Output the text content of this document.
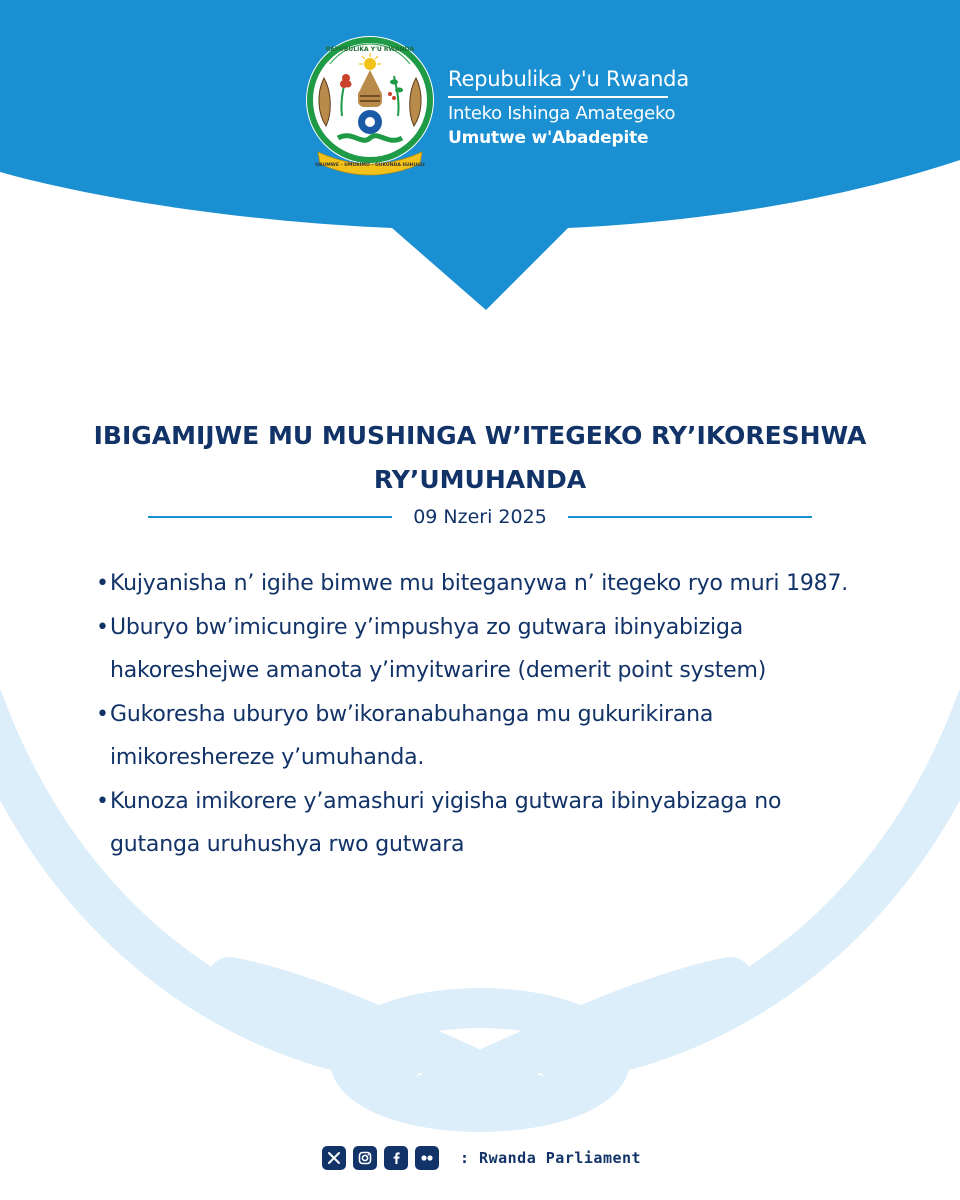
REPUBULIKA Y'U RWANDA
UBUMWE - UMURIMO - GUKUNDA IGIHUGU
Repubulika y'u Rwanda
Inteko Ishinga Amategeko
Umutwe w'Abadepite
IBIGAMIJWE MU MUSHINGA W’ITEGEKO RY’IKORESHWA
RY’UMUHANDA
09 Nzeri 2025
• Kujyanisha n’ igihe bimwe mu biteganywa n’ itegeko ryo muri 1987.
• Uburyo bw’imicungire y’impushya zo gutwara ibinyabiziga hakoreshejwe amanota y’imyitwarire (demerit point system)
• Gukoresha uburyo bw’ikoranabuhanga mu gukurikirana imikoreshereze y’umuhanda.
• Kunoza imikorere y’amashuri yigisha gutwara ibinyabizaga no gutanga uruhushya rwo gutwara
: Rwanda Parliament
